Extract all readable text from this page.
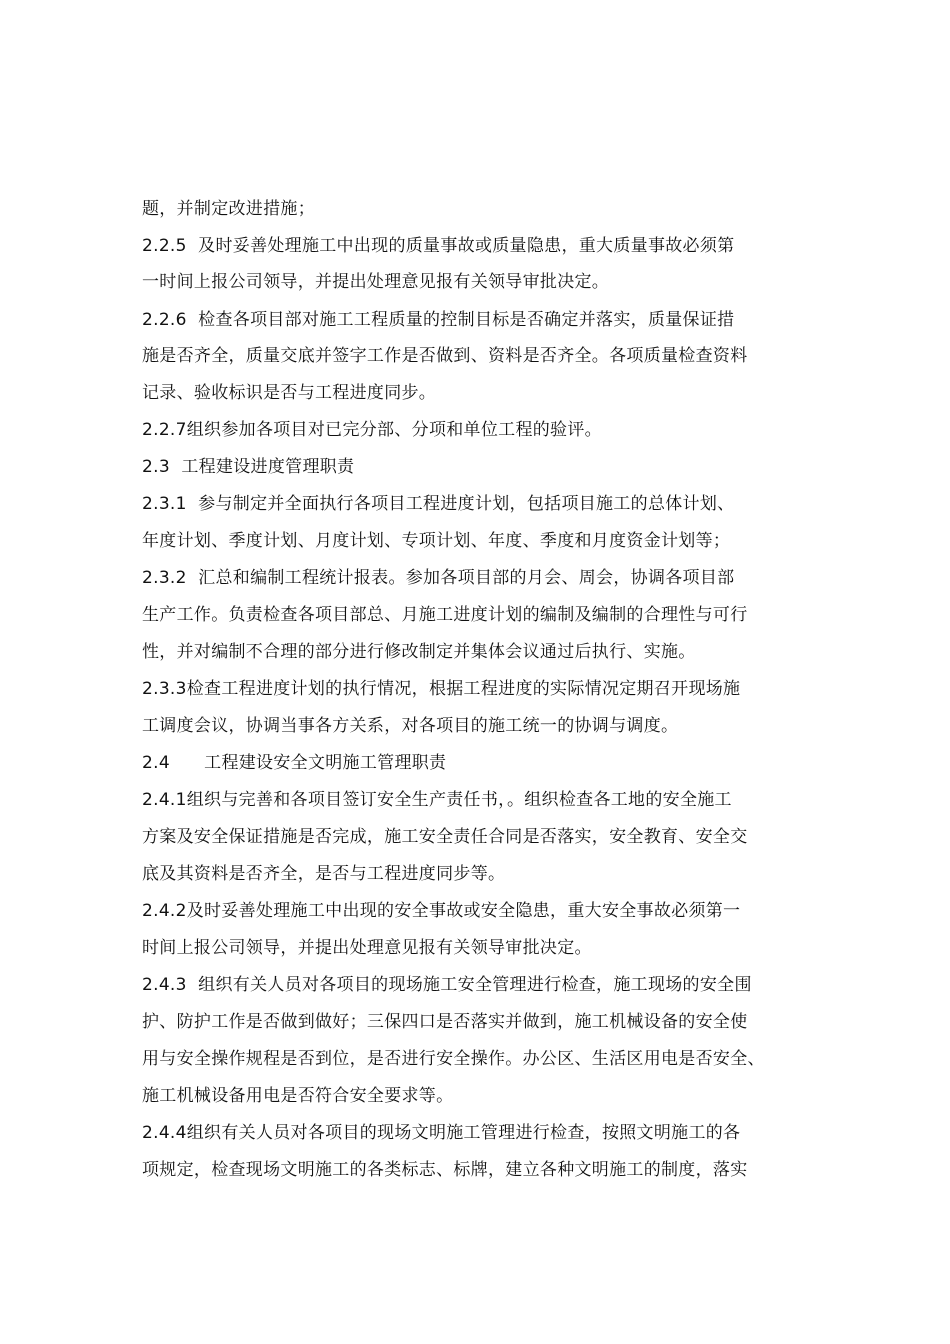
题，并制定改进措施；
2.2.5  及时妥善处理施工中出现的质量事故或质量隐患，重大质量事故必须第
一时间上报公司领导，并提出处理意见报有关领导审批决定。
2.2.6  检查各项目部对施工工程质量的控制目标是否确定并落实，质量保证措
施是否齐全，质量交底并签字工作是否做到、资料是否齐全。各项质量检查资料
记录、验收标识是否与工程进度同步。
2.2.7组织参加各项目对已完分部、分项和单位工程的验评。
2.3  工程建设进度管理职责
2.3.1  参与制定并全面执行各项目工程进度计划，包括项目施工的总体计划、
年度计划、季度计划、月度计划、专项计划、年度、季度和月度资金计划等；
2.3.2  汇总和编制工程统计报表。参加各项目部的月会、周会，协调各项目部
生产工作。负责检查各项目部总、月施工进度计划的编制及编制的合理性与可行
性，并对编制不合理的部分进行修改制定并集体会议通过后执行、实施。
2.3.3检查工程进度计划的执行情况，根据工程进度的实际情况定期召开现场施
工调度会议，协调当事各方关系，对各项目的施工统一的协调与调度。
2.4      工程建设安全文明施工管理职责
2.4.1组织与完善和各项目签订安全生产责任书，。组织检查各工地的安全施工
方案及安全保证措施是否完成，施工安全责任合同是否落实，安全教育、安全交
底及其资料是否齐全，是否与工程进度同步等。
2.4.2及时妥善处理施工中出现的安全事故或安全隐患，重大安全事故必须第一
时间上报公司领导，并提出处理意见报有关领导审批决定。
2.4.3  组织有关人员对各项目的现场施工安全管理进行检查，施工现场的安全围
护、防护工作是否做到做好；三保四口是否落实并做到，施工机械设备的安全使
用与安全操作规程是否到位，是否进行安全操作。办公区、生活区用电是否安全、
施工机械设备用电是否符合安全要求等。
2.4.4组织有关人员对各项目的现场文明施工管理进行检查，按照文明施工的各
项规定，检查现场文明施工的各类标志、标牌，建立各种文明施工的制度，落实
